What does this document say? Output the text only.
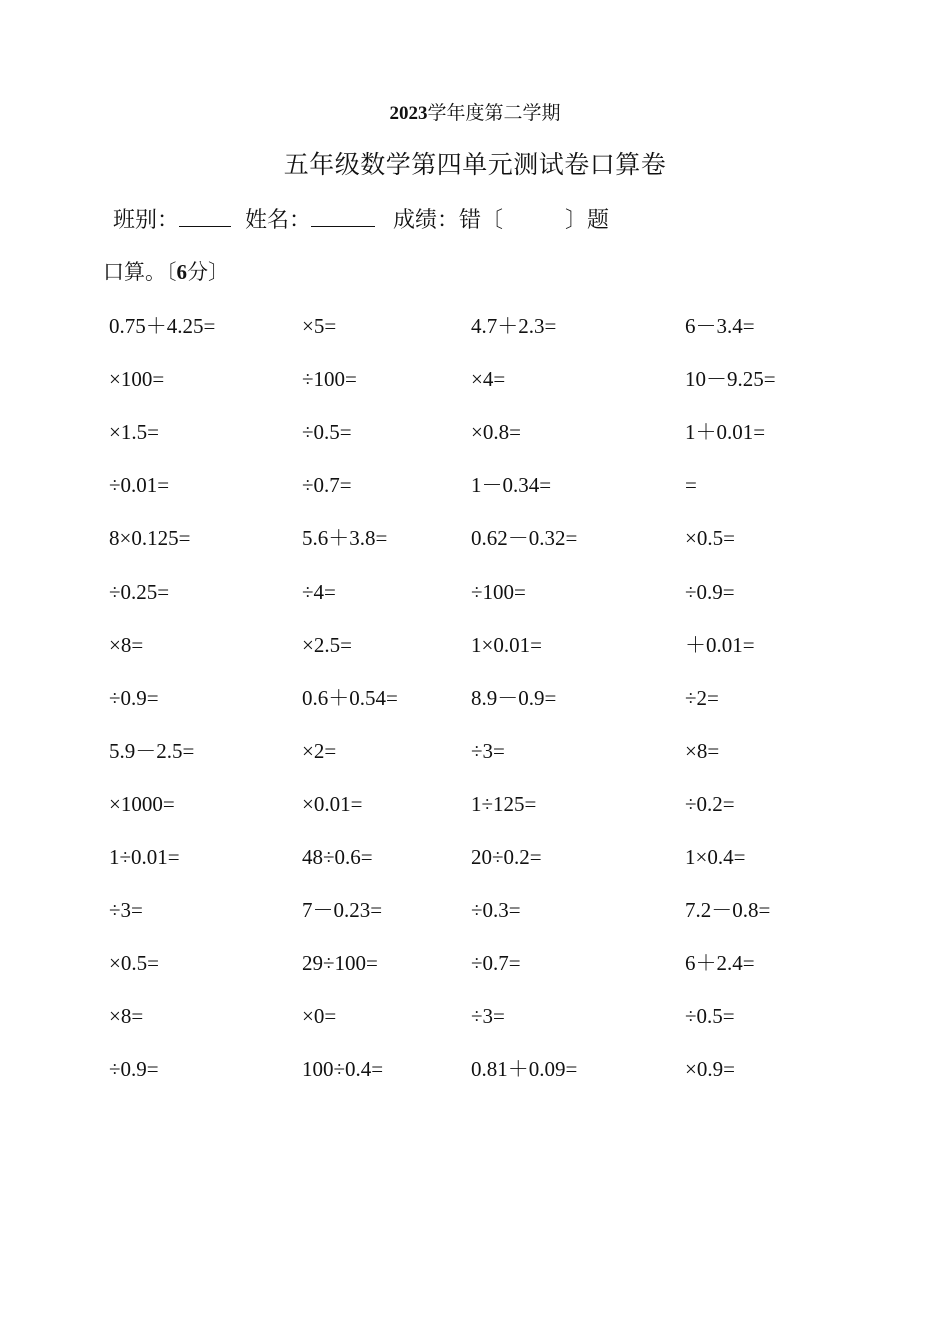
2023学年度第二学期
五年级数学第四单元测试卷口算卷
班别：	姓名：	成绩：错〔	〕题
口算。〔6分〕
0.75＋4.25=	×5=	4.7＋2.3=	6－3.4=
×100=	÷100=	×4=	10－9.25=
×1.5=	÷0.5=	×0.8=	1＋0.01=
÷0.01=	÷0.7=	1－0.34=	=
8×0.125=	5.6＋3.8=	0.62－0.32=	×0.5=
÷0.25=	÷4=	÷100=	÷0.9=
×8=	×2.5=	1×0.01=	＋0.01=
÷0.9=	0.6＋0.54=	8.9－0.9=	÷2=
5.9－2.5=	×2=	÷3=	×8=
×1000=	×0.01=	1÷125=	÷0.2=
1÷0.01=	48÷0.6=	20÷0.2=	1×0.4=
÷3=	7－0.23=	÷0.3=	7.2－0.8=
×0.5=	29÷100=	÷0.7=	6＋2.4=
×8=	×0=	÷3=	÷0.5=
÷0.9=	100÷0.4=	0.81＋0.09=	×0.9=
